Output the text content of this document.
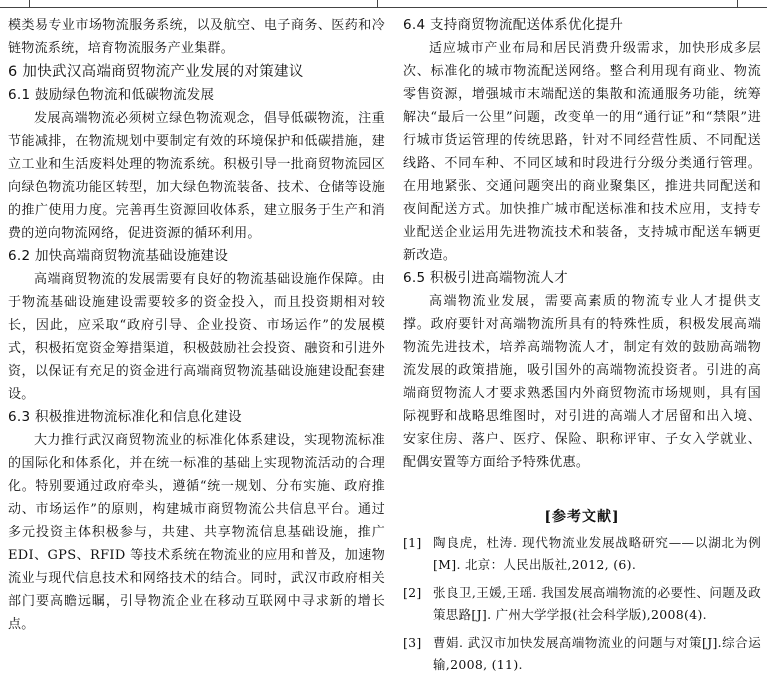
模类易专业市场物流服务系统，以及航空、电子商务、医药和冷链物流系统，培育物流服务产业集群。

6 加快武汉高端商贸物流产业发展的对策建议
6.1 鼓励绿色物流和低碳物流发展

发展高端物流必须树立绿色物流观念，倡导低碳物流，注重节能减排，在物流规划中要制定有效的环境保护和低碳措施，建立工业和生活废料处理的物流系统。积极引导一批商贸物流园区向绿色物流功能区转型，加大绿色物流装备、技术、仓储等设施的推广使用力度。完善再生资源回收体系，建立服务于生产和消费的逆向物流网络，促进资源的循环利用。

6.2 加快高端商贸物流基础设施建设

高端商贸物流的发展需要有良好的物流基础设施作保障。由于物流基础设施建设需要较多的资金投入，而且投资期相对较长，因此，应采取“政府引导、企业投资、市场运作”的发展模式，积极拓宽资金筹措渠道，积极鼓励社会投资、融资和引进外资，以保证有充足的资金进行高端商贸物流基础设施建设配套建设。

6.3 积极推进物流标准化和信息化建设

大力推行武汉商贸物流业的标准化体系建设，实现物流标准的国际化和体系化，并在统一标准的基础上实现物流活动的合理化。特别要通过政府牵头，遵循“统一规划、分布实施、政府推动、市场运作”的原则，构建城市商贸物流公共信息平台。通过多元投资主体积极参与，共建、共享物流信息基础设施，推广 EDI、GPS、RFID 等技术系统在物流业的应用和普及，加速物流业与现代信息技术和网络技术的结合。同时，武汉市政府相关部门要高瞻远瞩，引导物流企业在移动互联网中寻求新的增长点。

6.4 支持商贸物流配送体系优化提升

适应城市产业布局和居民消费升级需求，加快形成多层次、标准化的城市物流配送网络。整合利用现有商业、物流零售资源，增强城市末端配送的集散和流通服务功能，统筹解决“最后一公里”问题，改变单一的用“通行证”和“禁限”进行城市货运管理的传统思路，针对不同经营性质、不同配送线路、不同车种、不同区域和时段进行分级分类通行管理。在用地紧张、交通问题突出的商业聚集区，推进共同配送和夜间配送方式。加快推广城市配送标准和技术应用，支持专业配送企业运用先进物流技术和装备，支持城市配送车辆更新改造。

6.5 积极引进高端物流人才

高端物流业发展，需要高素质的物流专业人才提供支撑。政府要针对高端物流所具有的特殊性质，积极发展高端物流先进技术，培养高端物流人才，制定有效的鼓励高端物流发展的政策措施，吸引国外的高端物流投资者。引进的高端商贸物流人才要求熟悉国内外商贸物流市场规则，具有国际视野和战略思维图时，对引进的高端人才居留和出入境、安家住房、落户、医疗、保险、职称评审、子女入学就业、配偶安置等方面给予特殊优惠。

[参考文献]
[1] 陶良虎，杜涛. 现代物流业发展战略研究——以湖北为例[M]. 北京：人民出版社,2012, (6).
[2] 张良卫,王媛,王瑶. 我国发展高端物流的必要性、问题及政策思路[J]. 广州大学学报(社会科学版),2008(4).
[3] 曹娟. 武汉市加快发展高端物流业的问题与对策[J].综合运输,2008, (11).
